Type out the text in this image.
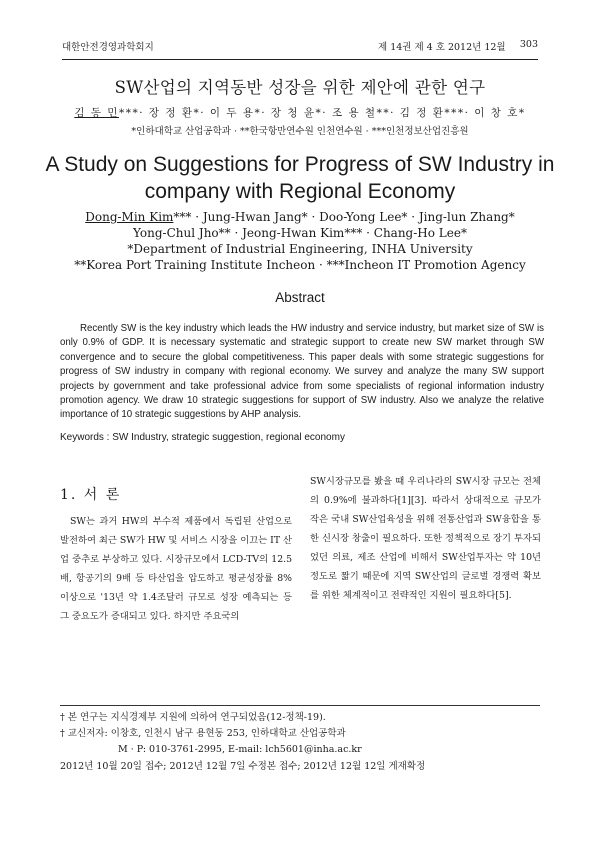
대한안전경영과학회지	제 14권 제 4 호 2012년 12월 303
SW산업의 지역동반 성장을 위한 제안에 관한 연구
김 동 민***· 장 정 환*· 이 두 용*· 장 청 윤*· 조 용 철**· 김 정 환***· 이 창 호*
*인하대학교 산업공학과 · **한국항만연수원 인천연수원 · ***인천정보산업진흥원
A Study on Suggestions for Progress of SW Industry in
company with Regional Economy
Dong-Min Kim*** · Jung-Hwan Jang* · Doo-Yong Lee* · Jing-lun Zhang*
Yong-Chul Jho** · Jeong-Hwan Kim*** · Chang-Ho Lee*
*Department of Industrial Engineering, INHA University
**Korea Port Training Institute Incheon · ***Incheon IT Promotion Agency
Abstract
Recently SW is the key industry which leads the HW industry and service industry, but market size of SW is only 0.9% of GDP. It is necessary systematic and strategic support to create new SW market through SW convergence and to secure the global competitiveness. This paper deals with some strategic suggestions for progress of SW industry in company with regional economy. We survey and analyze the many SW support projects by government and take professional advice from some specialists of regional information industry promotion agency. We draw 10 strategic suggestions for support of SW industry. Also we analyze the relative importance of 10 strategic suggestions by AHP analysis.
Keywords : SW Industry, strategic suggestion, regional economy
1. 서 론
SW는 과거 HW의 부수적 제품에서 독립된 산업으로 발전하여 최근 SW가 HW 및 서비스 시장을 이끄는 IT 산업 중추로 부상하고 있다. 시장규모에서 LCD-TV의 12.5배, 항공기의 9배 등 타산업을 압도하고 평균성장률 8% 이상으로 '13년 약 1.4조달러 규모로 성장 예측되는 등 그 중요도가 증대되고 있다. 하지만 주요국의
SW시장규모를 봤을 때 우리나라의 SW시장 규모는 전체의 0.9%에 불과하다[1][3]. 따라서 상대적으로 규모가 작은 국내 SW산업육성을 위해 전통산업과 SW융합을 통한 신시장 창출이 필요하다. 또한 정책적으로 장기 투자되었던 의료, 제조 산업에 비해서 SW산업투자는 약 10년 정도로 짧기 때문에 지역 SW산업의 글로벌 경쟁력 확보를 위한 체계적이고 전략적인 지원이 필요하다[5].
† 본 연구는 지식경제부 지원에 의하여 연구되었음(12-정책-19).
† 교신저자: 이창호, 인천시 남구 용현동 253, 인하대학교 산업공학과
M · P: 010-3761-2995, E-mail: lch5601@inha.ac.kr
2012년 10월 20일 접수; 2012년 12월 7일 수정본 접수; 2012년 12월 12일 게재확정
